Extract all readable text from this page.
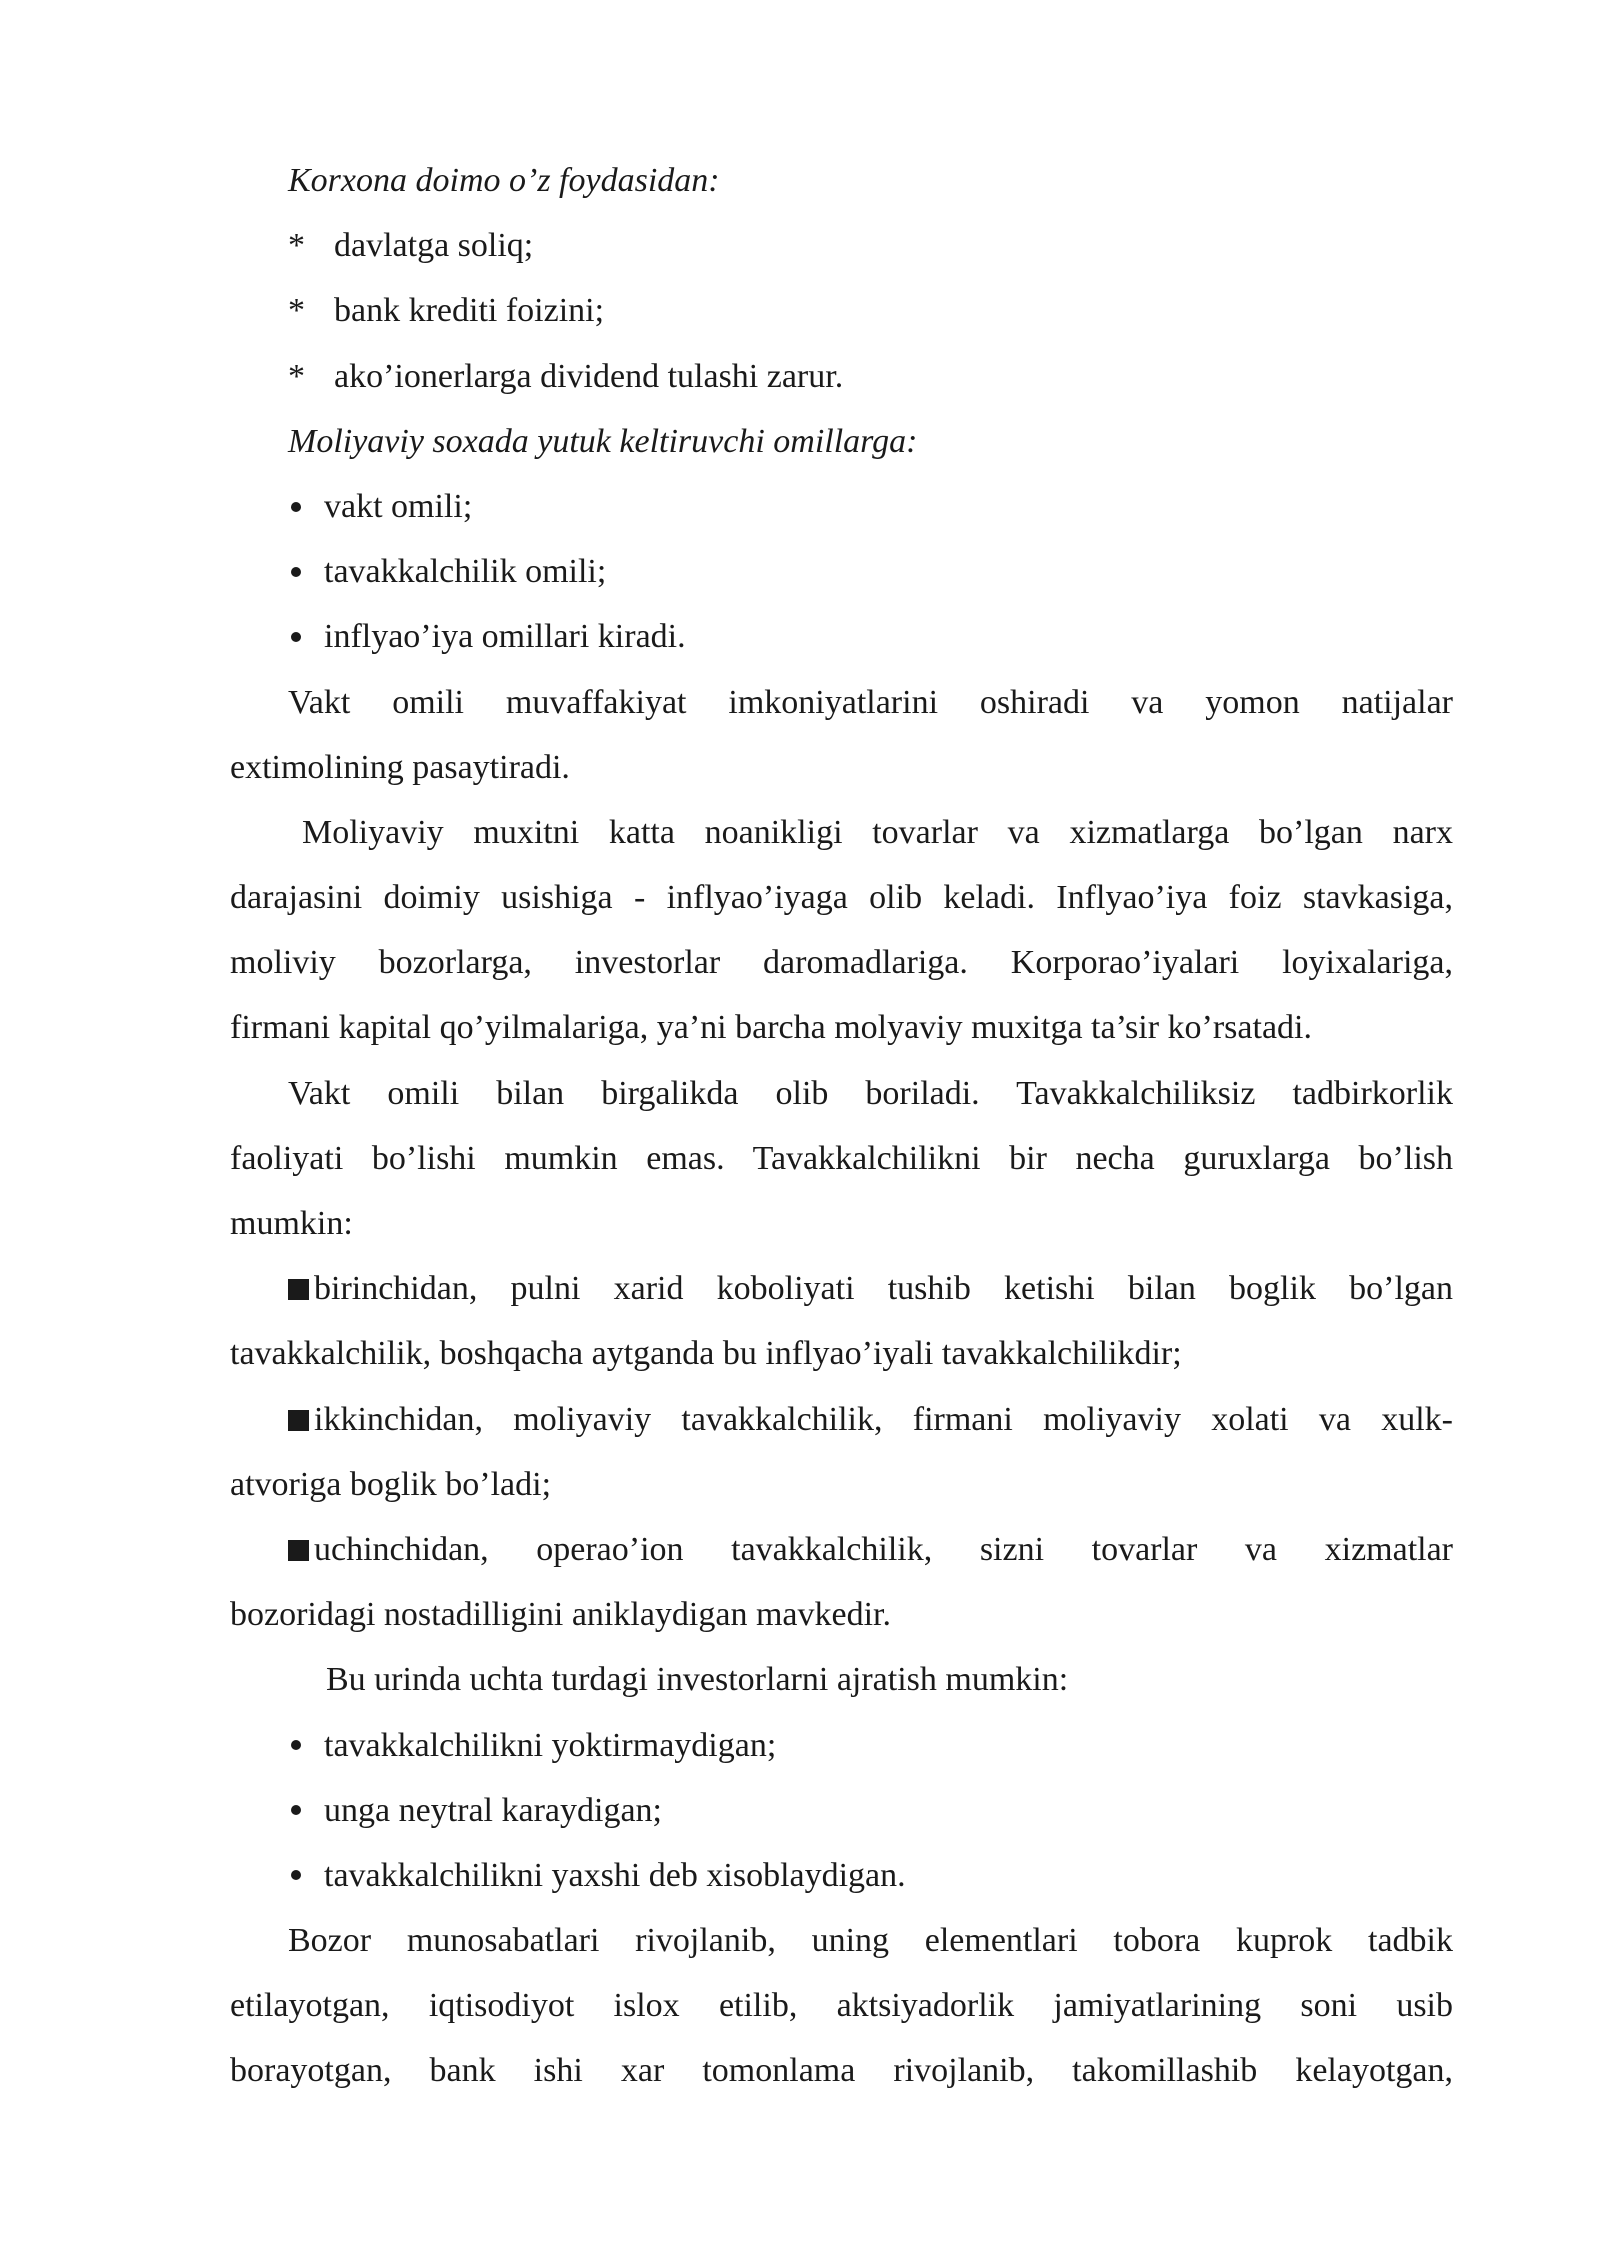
Korxona doimo o’z foydasidan:
* davlatga soliq;
* bank krediti foizini;
* ako’ionerlarga dividend tulashi zarur.
Moliyaviy soxada yutuk keltiruvchi omillarga:
vakt omili;
tavakkalchilik omili;
inflyao’iya omillari kiradi.
Vakt omili muvaffakiyat imkoniyatlarini oshiradi va yomon natijalar
extimolining pasaytiradi.
Moliyaviy muxitni katta noanikligi tovarlar va xizmatlarga bo’lgan narx
darajasini doimiy usishiga - inflyao’iyaga olib keladi. Inflyao’iya foiz stavkasiga,
moliviy bozorlarga, investorlar daromadlariga. Korporao’iyalari loyixalariga,
firmani kapital qo’yilmalariga, ya’ni barcha molyaviy muxitga ta’sir ko’rsatadi.
Vakt omili bilan birgalikda olib boriladi. Tavakkalchiliksiz tadbirkorlik
faoliyati bo’lishi mumkin emas. Tavakkalchilikni bir necha guruxlarga bo’lish
mumkin:
birinchidan, pulni xarid koboliyati tushib ketishi bilan boglik bo’lgan
tavakkalchilik, boshqacha aytganda bu inflyao’iyali tavakkalchilikdir;
ikkinchidan, moliyaviy tavakkalchilik, firmani moliyaviy xolati va xulk-
atvoriga boglik bo’ladi;
uchinchidan, operao’ion tavakkalchilik, sizni tovarlar va xizmatlar
bozoridagi nostadilligini aniklaydigan mavkedir.
Bu urinda uchta turdagi investorlarni ajratish mumkin:
tavakkalchilikni yoktirmaydigan;
unga neytral karaydigan;
tavakkalchilikni yaxshi deb xisoblaydigan.
Bozor munosabatlari rivojlanib, uning elementlari tobora kuprok tadbik
etilayotgan, iqtisodiyot islox etilib, aktsiyadorlik jamiyatlarining soni usib
borayotgan, bank ishi xar tomonlama rivojlanib, takomillashib kelayotgan,
